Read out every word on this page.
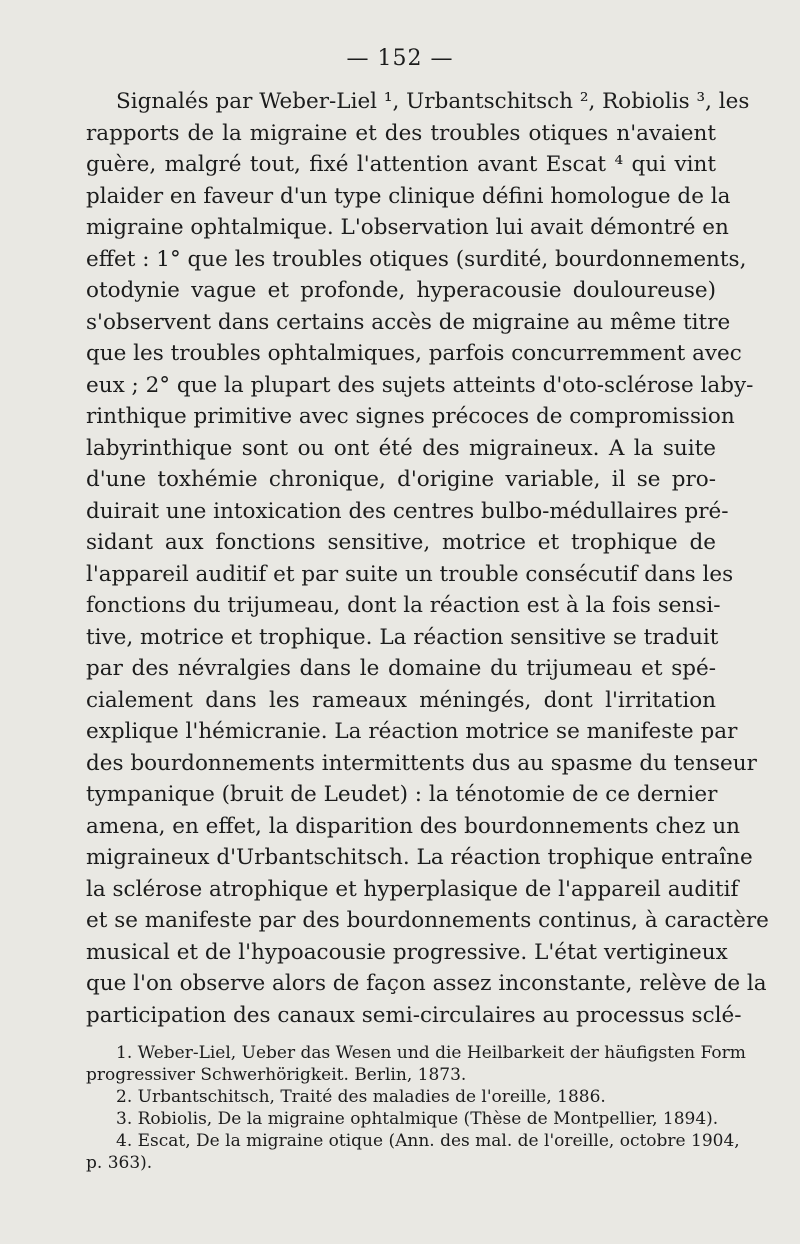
— 152 —
Signalés par Weber-Liel ¹, Urbantschitsch ², Robiolis ³, les
rapports de la migraine et des troubles otiques n'avaient
guère, malgré tout, fixé l'attention avant Escat ⁴ qui vint
plaider en faveur d'un type clinique défini homologue de la
migraine ophtalmique. L'observation lui avait démontré en
effet : 1° que les troubles otiques (surdité, bourdonnements,
otodynie vague et profonde, hyperacousie douloureuse)
s'observent dans certains accès de migraine au même titre
que les troubles ophtalmiques, parfois concurremment avec
eux ; 2° que la plupart des sujets atteints d'oto-sclérose laby-
rinthique primitive avec signes précoces de compromission
labyrinthique sont ou ont été des migraineux. A la suite
d'une toxhémie chronique, d'origine variable, il se pro-
duirait une intoxication des centres bulbo-médullaires pré-
sidant aux fonctions sensitive, motrice et trophique de
l'appareil auditif et par suite un trouble consécutif dans les
fonctions du trijumeau, dont la réaction est à la fois sensi-
tive, motrice et trophique. La réaction sensitive se traduit
par des névralgies dans le domaine du trijumeau et spé-
cialement dans les rameaux méningés, dont l'irritation
explique l'hémicranie. La réaction motrice se manifeste par
des bourdonnements intermittents dus au spasme du tenseur
tympanique (bruit de Leudet) : la ténotomie de ce dernier
amena, en effet, la disparition des bourdonnements chez un
migraineux d'Urbantschitsch. La réaction trophique entraîne
la sclérose atrophique et hyperplasique de l'appareil auditif
et se manifeste par des bourdonnements continus, à caractère
musical et de l'hypoacousie progressive. L'état vertigineux
que l'on observe alors de façon assez inconstante, relève de la
participation des canaux semi-circulaires au processus sclé-
1. Weber-Liel, Ueber das Wesen und die Heilbarkeit der häufigsten Form
progressiver Schwerhörigkeit. Berlin, 1873.
2. Urbantschitsch, Traité des maladies de l'oreille, 1886.
3. Robiolis, De la migraine ophtalmique (Thèse de Montpellier, 1894).
4. Escat, De la migraine otique (Ann. des mal. de l'oreille, octobre 1904,
p. 363).
